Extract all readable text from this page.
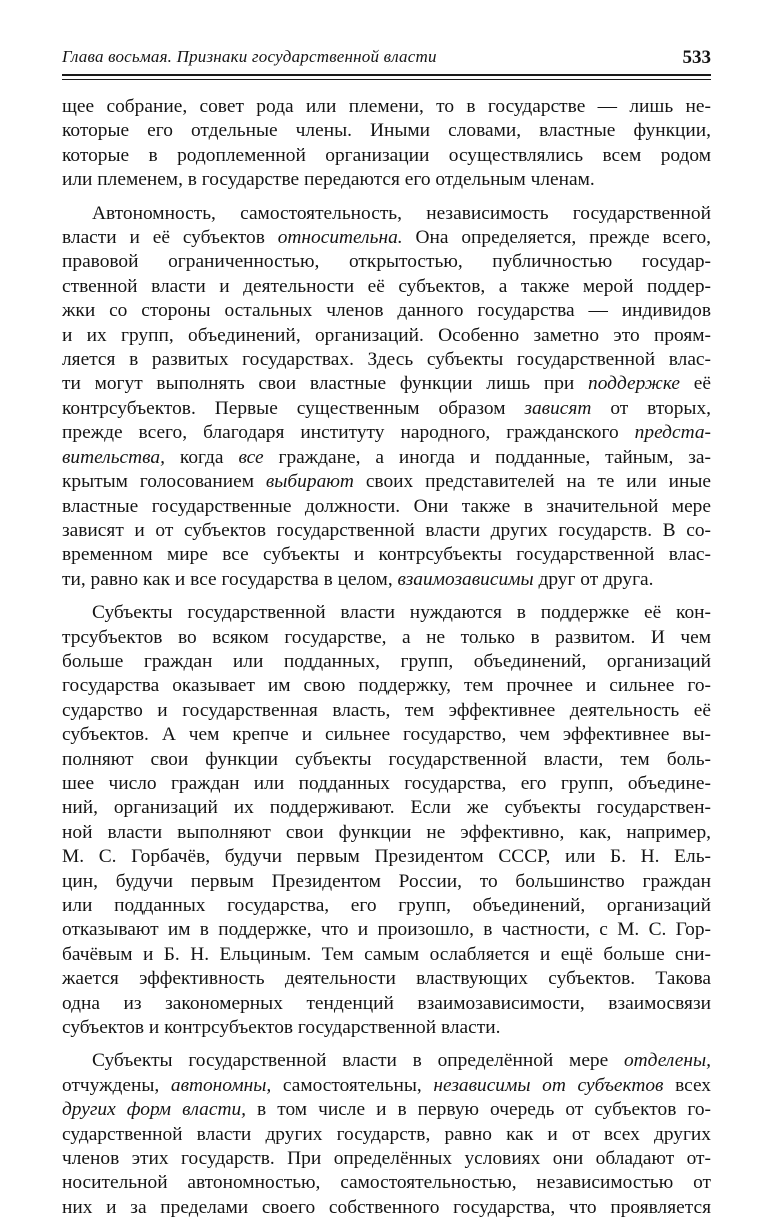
Глава восьмая. Признаки государственной власти	533
щее собрание, совет рода или племени, то в государстве — лишь не-
которые его отдельные члены. Иными словами, властные функции,
которые в родоплеменной организации осуществлялись всем родом
или племенем, в государстве передаются его отдельным членам.
Автономность, самостоятельность, независимость государственной
власти и её субъектов относительна. Она определяется, прежде всего,
правовой ограниченностью, открытостью, публичностью государ-
ственной власти и деятельности её субъектов, а также мерой поддер-
жки со стороны остальных членов данного государства — индивидов
и их групп, объединений, организаций. Особенно заметно это проям-
ляется в развитых государствах. Здесь субъекты государственной влас-
ти могут выполнять свои властные функции лишь при поддержке её
контрсубъектов. Первые существенным образом зависят от вторых,
прежде всего, благодаря институту народного, гражданского предста-
вительства, когда все граждане, а иногда и подданные, тайным, за-
крытым голосованием выбирают своих представителей на те или иные
властные государственные должности. Они также в значительной мере
зависят и от субъектов государственной власти других государств. В со-
временном мире все субъекты и контрсубъекты государственной влас-
ти, равно как и все государства в целом, взаимозависимы друг от друга.
Субъекты государственной власти нуждаются в поддержке её кон-
трсубъектов во всяком государстве, а не только в развитом. И чем
больше граждан или подданных, групп, объединений, организаций
государства оказывает им свою поддержку, тем прочнее и сильнее го-
сударство и государственная власть, тем эффективнее деятельность её
субъектов. А чем крепче и сильнее государство, чем эффективнее вы-
полняют свои функции субъекты государственной власти, тем боль-
шее число граждан или подданных государства, его групп, объедине-
ний, организаций их поддерживают. Если же субъекты государствен-
ной власти выполняют свои функции не эффективно, как, например,
М. С. Горбачёв, будучи первым Президентом СССР, или Б. Н. Ель-
цин, будучи первым Президентом России, то большинство граждан
или подданных государства, его групп, объединений, организаций
отказывают им в поддержке, что и произошло, в частности, с М. С. Гор-
бачёвым и Б. Н. Ельциным. Тем самым ослабляется и ещё больше сни-
жается эффективность деятельности властвующих субъектов. Такова
одна из закономерных тенденций взаимозависимости, взаимосвязи
субъектов и контрсубъектов государственной власти.
Субъекты государственной власти в определённой мере отделены,
отчуждены, автономны, самостоятельны, независимы от субъектов всех
других форм власти, в том числе и в первую очередь от субъектов го-
сударственной власти других государств, равно как и от всех других
членов этих государств. При определённых условиях они обладают от-
носительной автономностью, самостоятельностью, независимостью от
них и за пределами своего собственного государства, что проявляется
